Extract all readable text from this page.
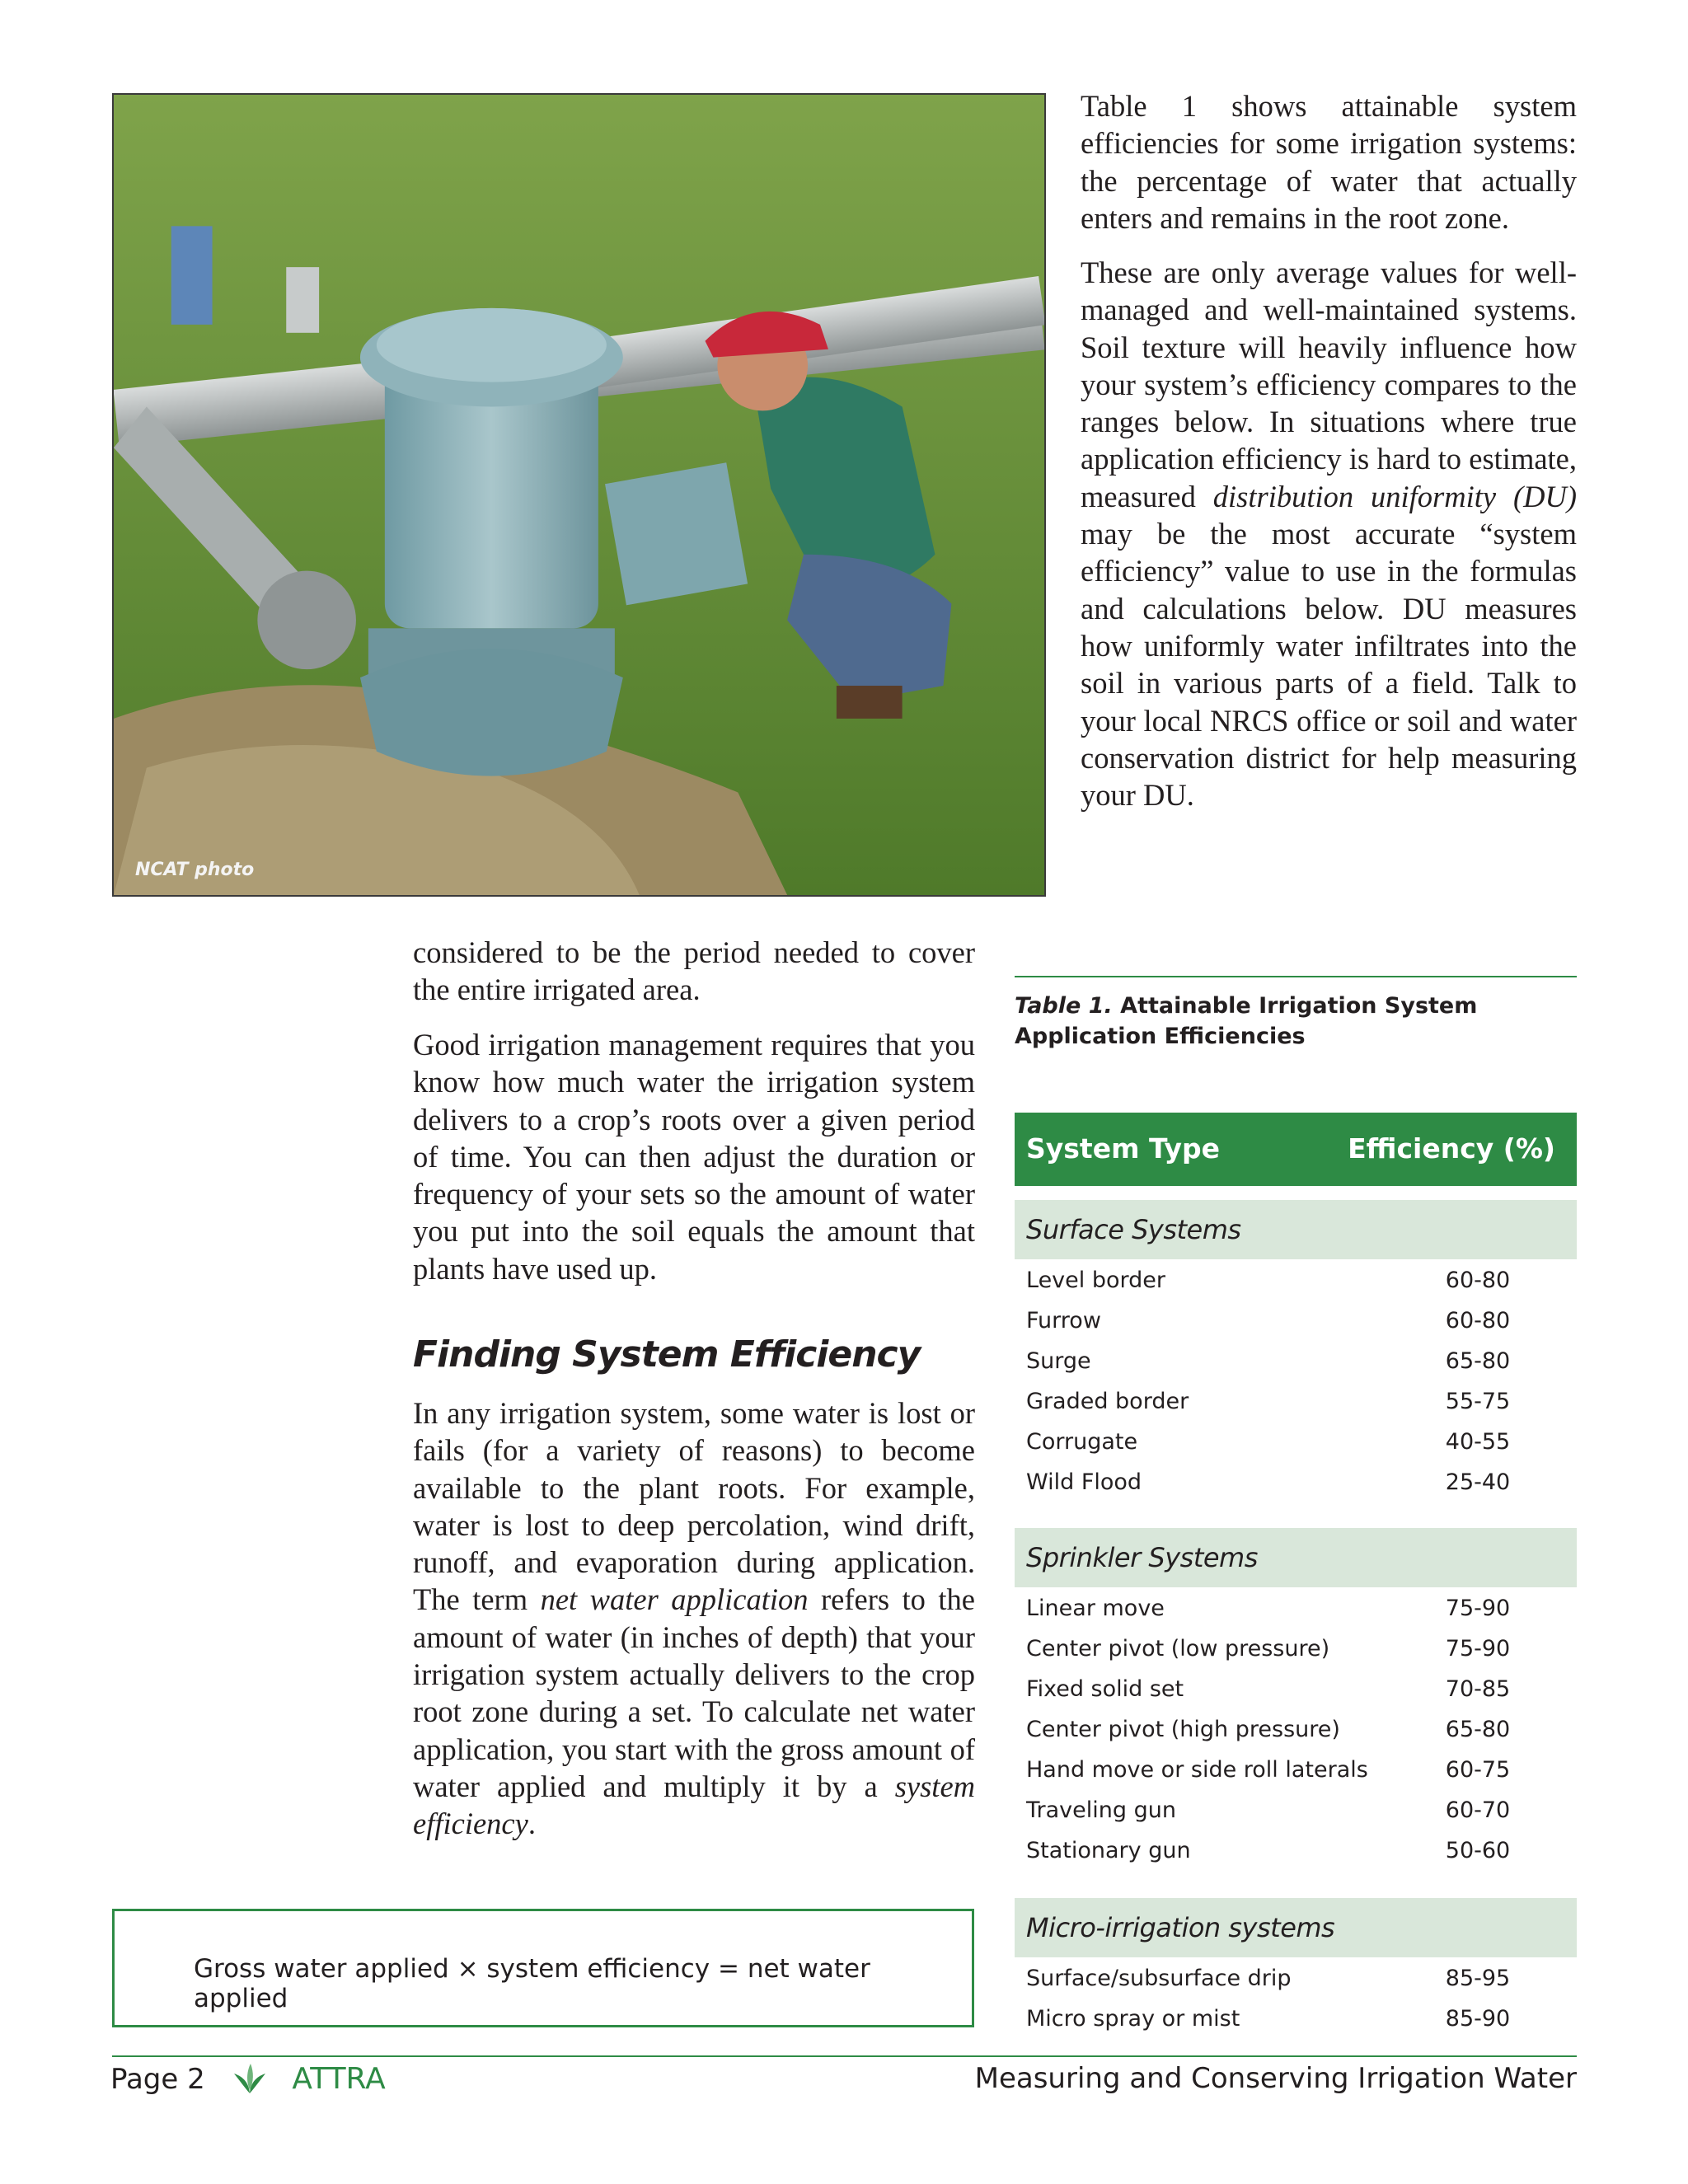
NCAT photo

Table 1 shows attainable system efficiencies for some irrigation systems: the percentage of water that actually enters and remains in the root zone.

These are only average values for well-managed and well-maintained systems. Soil texture will heavily influence how your system’s efficiency compares to the ranges below. In situations where true application efficiency is hard to estimate, measured distribution uniformity (DU) may be the most accurate “system efficiency” value to use in the formulas and calculations below. DU measures how uniformly water infiltrates into the soil in various parts of a field. Talk to your local NRCS office or soil and water conservation district for help measuring your DU.

considered to be the period needed to cover the entire irrigated area.

Good irrigation management requires that you know how much water the irrigation system delivers to a crop’s roots over a given period of time. You can then adjust the duration or frequency of your sets so the amount of water you put into the soil equals the amount that plants have used up.

Finding System Efficiency

In any irrigation system, some water is lost or fails (for a variety of reasons) to become available to the plant roots. For example, water is lost to deep percolation, wind drift, runoff, and evaporation during application. The term net water application refers to the amount of water (in inches of depth) that your irrigation system actually delivers to the crop root zone during a set. To calculate net water application, you start with the gross amount of water applied and multiply it by a system efficiency.

Table 1. Attainable Irrigation System Application Efficiencies
System Type	Efficiency (%)
Surface Systems
Level border	60-80
Furrow	60-80
Surge	65-80
Graded border	55-75
Corrugate	40-55
Wild Flood	25-40
Sprinkler Systems
Linear move	75-90
Center pivot (low pressure)	75-90
Fixed solid set	70-85
Center pivot (high pressure)	65-80
Hand move or side roll laterals	60-75
Traveling gun	60-70
Stationary gun	50-60
Micro-irrigation systems
Surface/subsurface drip	85-95
Micro spray or mist	85-90
Gross water applied × system efficiency = net water applied
Page 2	ATTRA	Measuring and Conserving Irrigation Water
